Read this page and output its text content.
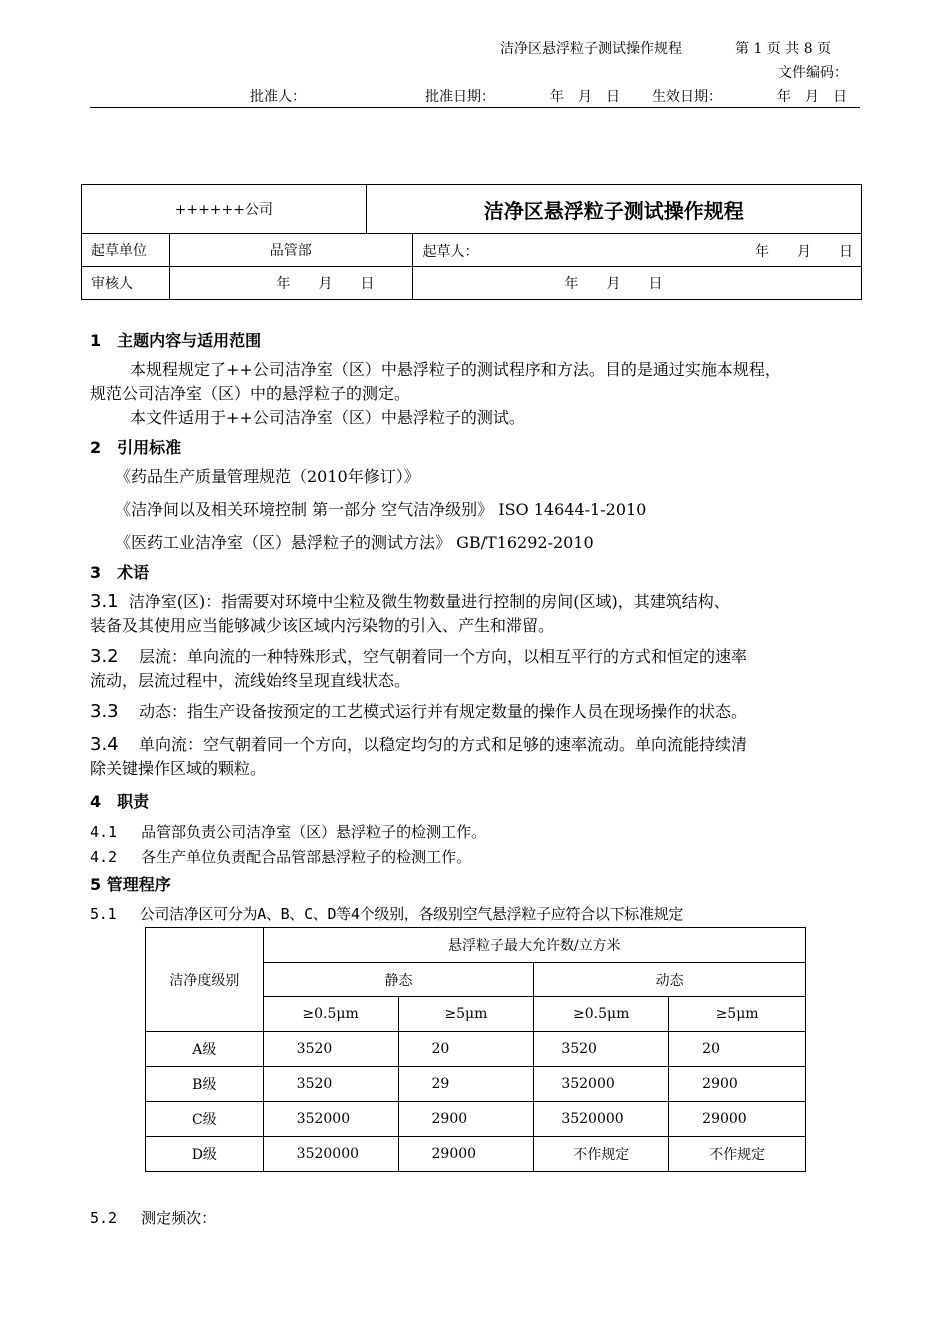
洁净区悬浮粒子测试操作规程	第 1 页 共 8 页
文件编码：
批准人：	批准日期：	年　月　日 生效日期：	年　月　日
++++++公司		洁净区悬浮粒子测试操作规程	
起草单位	品管部		起草人： 年　　月　　日

审核人	年　　月　　日		年　　月　　日
1　主题内容与适用范围
本规程规定了++公司洁净室（区）中悬浮粒子的测试程序和方法。目的是通过实施本规程，
规范公司洁净室（区）中的悬浮粒子的测定。
本文件适用于++公司洁净室（区）中悬浮粒子的测试。
2　引用标准
《药品生产质量管理规范（2010年修订）》
《洁净间以及相关环境控制 第一部分 空气洁净级别》 ISO 14644-1-2010
《医药工业洁净室（区）悬浮粒子的测试方法》 GB/T16292-2010
3　术语
3.1 洁净室(区)：指需要对环境中尘粒及微生物数量进行控制的房间(区域)，其建筑结构、
装备及其使用应当能够减少该区域内污染物的引入、产生和滞留。
3.2 层流：单向流的一种特殊形式，空气朝着同一个方向，以相互平行的方式和恒定的速率
流动，层流过程中，流线始终呈现直线状态。
3.3 动态：指生产设备按预定的工艺模式运行并有规定数量的操作人员在现场操作的状态。
3.4 单向流：空气朝着同一个方向，以稳定均匀的方式和足够的速率流动。单向流能持续清
除关键操作区域的颗粒。
4　职责
4.1　 品管部负责公司洁净室（区）悬浮粒子的检测工作。
4.2　 各生产单位负责配合品管部悬浮粒子的检测工作。
5 管理程序
5.1　 公司洁净区可分为A、B、C、D等4个级别，各级别空气悬浮粒子应符合以下标准规定
洁净度级别	悬浮粒子最大允许数/立方米			
	静态		动态	
	≥0.5μm	≥5μm	≥0.5μm	≥5μm
A级	3520	20	3520	20
B级	3520	29	352000	2900
C级	352000	2900	3520000	29000
D级	3520000	29000	不作规定	不作规定
5.2　 测定频次：
